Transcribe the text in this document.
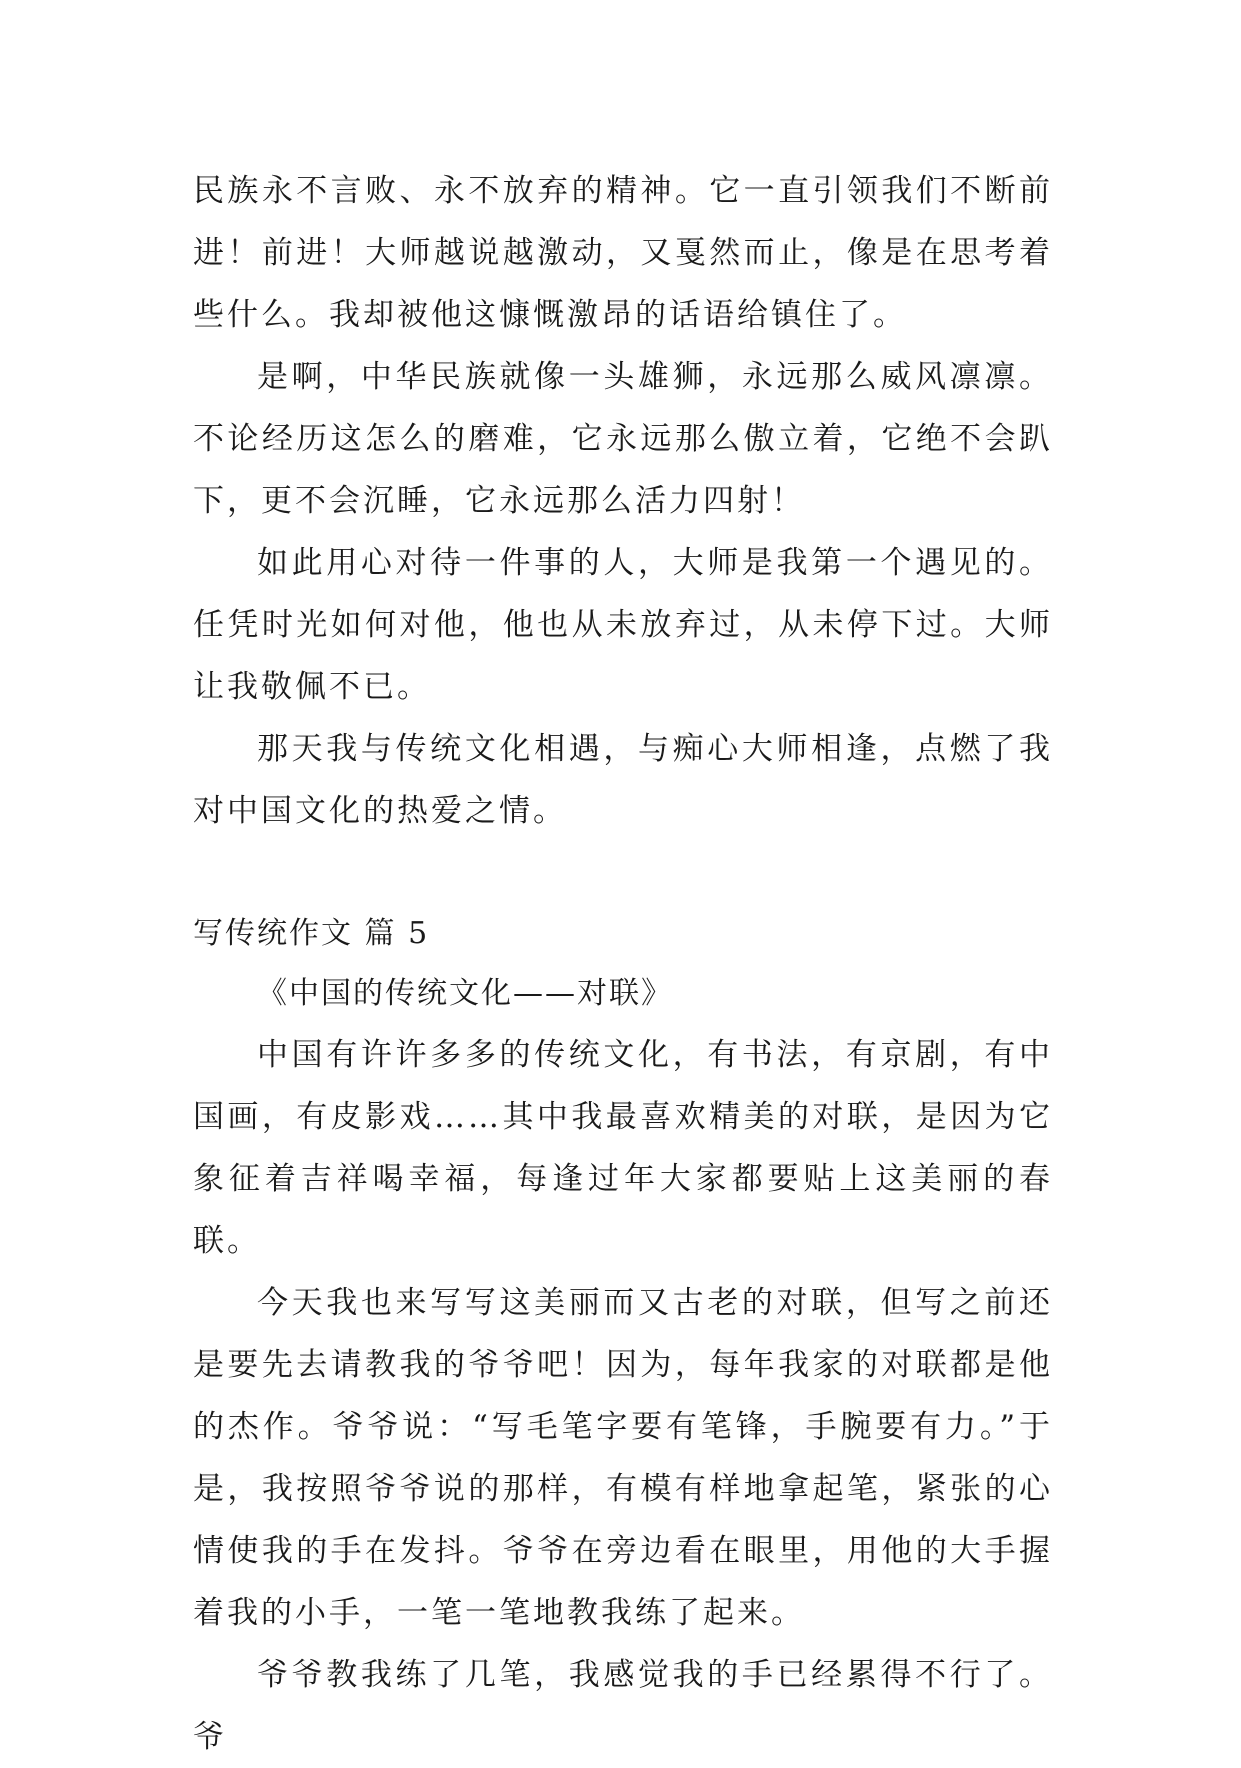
民族永不言败、永不放弃的精神。它一直引领我们不断前进！前进！大师越说越激动，又戛然而止，像是在思考着些什么。我却被他这慷慨激昂的话语给镇住了。

是啊，中华民族就像一头雄狮，永远那么威风凛凛。不论经历这怎么的磨难，它永远那么傲立着，它绝不会趴下，更不会沉睡，它永远那么活力四射！

如此用心对待一件事的人，大师是我第一个遇见的。任凭时光如何对他，他也从未放弃过，从未停下过。大师让我敬佩不已。

那天我与传统文化相遇，与痴心大师相逢，点燃了我对中国文化的热爱之情。

写传统作文 篇 5

《中国的传统文化——对联》

中国有许许多多的传统文化，有书法，有京剧，有中国画，有皮影戏……其中我最喜欢精美的对联，是因为它象征着吉祥喝幸福，每逢过年大家都要贴上这美丽的春联。

今天我也来写写这美丽而又古老的对联，但写之前还是要先去请教我的爷爷吧！因为，每年我家的对联都是他的杰作。爷爷说：“写毛笔字要有笔锋，手腕要有力。”于是，我按照爷爷说的那样，有模有样地拿起笔，紧张的心情使我的手在发抖。爷爷在旁边看在眼里，用他的大手握着我的小手，一笔一笔地教我练了起来。

爷爷教我练了几笔，我感觉我的手已经累得不行了。爷
